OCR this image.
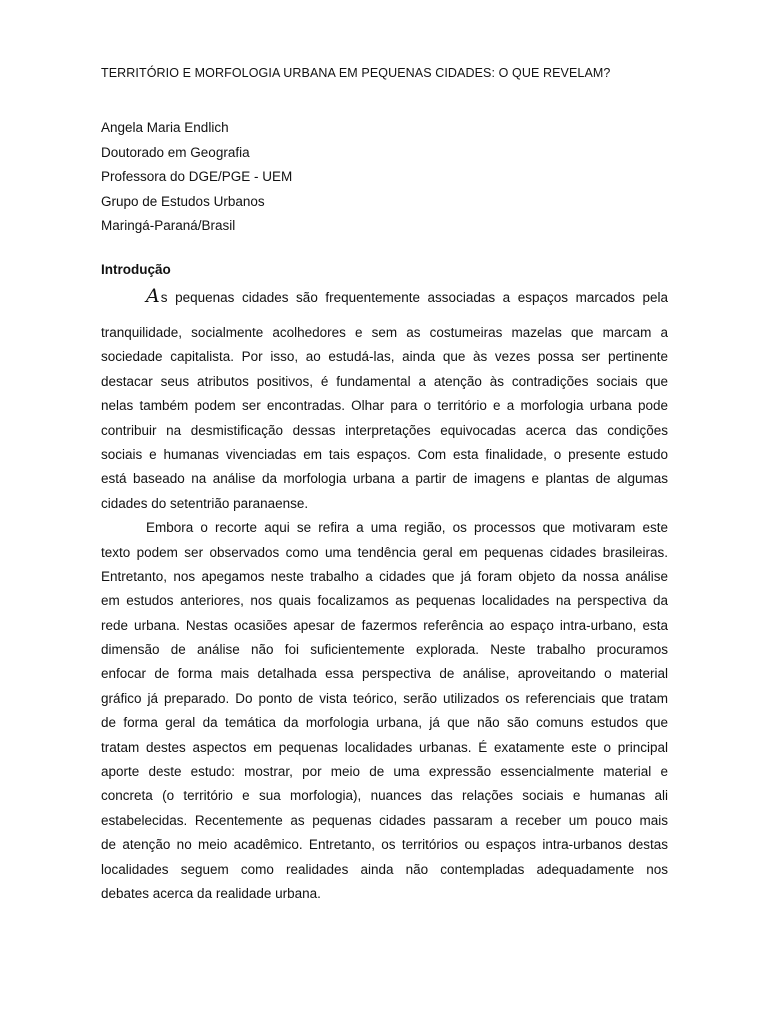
TERRITÓRIO E MORFOLOGIA URBANA EM PEQUENAS CIDADES: O QUE REVELAM?
Angela Maria Endlich
Doutorado em Geografia
Professora do DGE/PGE - UEM
Grupo de Estudos Urbanos
Maringá-Paraná/Brasil
Introdução
As pequenas cidades são frequentemente associadas a espaços marcados pela
tranquilidade, socialmente acolhedores e sem as costumeiras mazelas que marcam a
sociedade capitalista. Por isso, ao estudá-las, ainda que às vezes possa ser pertinente
destacar seus atributos positivos, é fundamental a atenção às contradições sociais que
nelas também podem ser encontradas. Olhar para o território e a morfologia urbana pode
contribuir na desmistificação dessas interpretações equivocadas acerca das condições
sociais e humanas vivenciadas em tais espaços. Com esta finalidade, o presente estudo
está baseado na análise da morfologia urbana a partir de imagens e plantas de algumas
cidades do setentrião paranaense.
Embora o recorte aqui se refira a uma região, os processos que motivaram este
texto podem ser observados como uma tendência geral em pequenas cidades brasileiras.
Entretanto, nos apegamos neste trabalho a cidades que já foram objeto da nossa análise
em estudos anteriores, nos quais focalizamos as pequenas localidades na perspectiva da
rede urbana. Nestas ocasiões apesar de fazermos referência ao espaço intra-urbano, esta
dimensão de análise não foi suficientemente explorada. Neste trabalho procuramos
enfocar de forma mais detalhada essa perspectiva de análise, aproveitando o material
gráfico já preparado. Do ponto de vista teórico, serão utilizados os referenciais que tratam
de forma geral da temática da morfologia urbana, já que não são comuns estudos que
tratam destes aspectos em pequenas localidades urbanas. É exatamente este o principal
aporte deste estudo: mostrar, por meio de uma expressão essencialmente material e
concreta (o território e sua morfologia), nuances das relações sociais e humanas ali
estabelecidas. Recentemente as pequenas cidades passaram a receber um pouco mais
de atenção no meio acadêmico. Entretanto, os territórios ou espaços intra-urbanos destas
localidades seguem como realidades ainda não contempladas adequadamente nos
debates acerca da realidade urbana.
